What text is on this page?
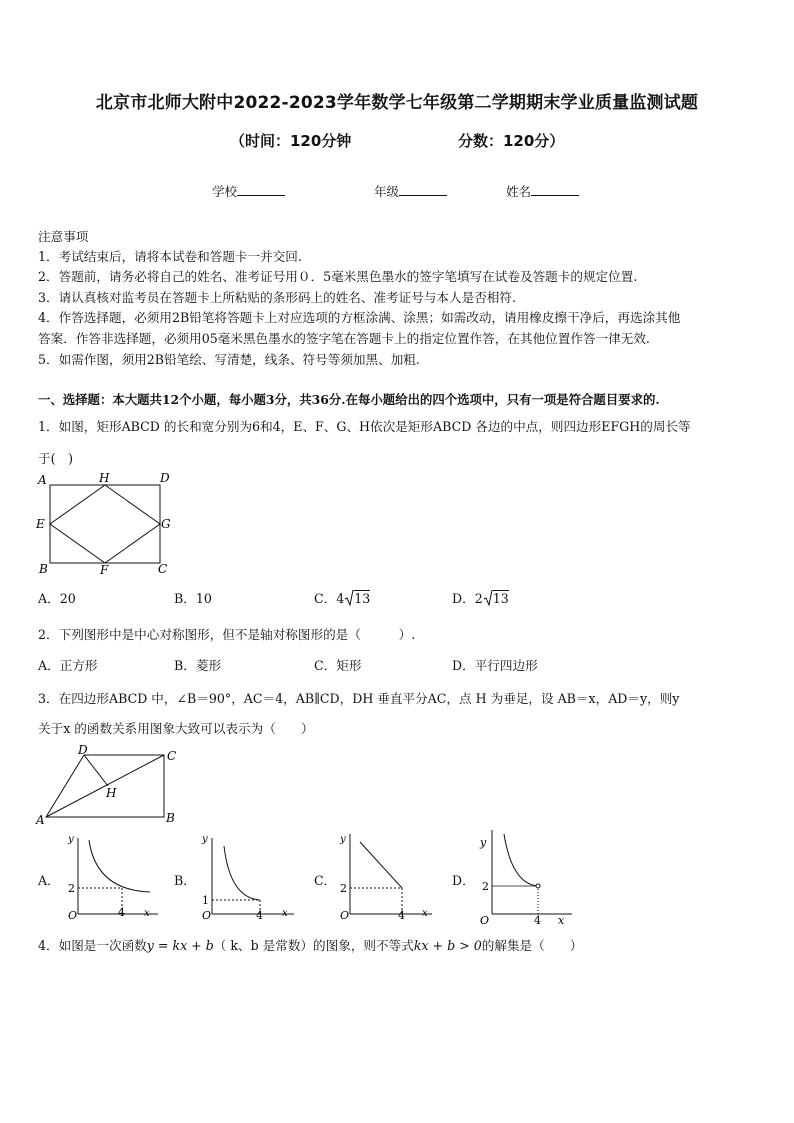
北京市北师大附中2022-2023学年数学七年级第二学期期末学业质量监测试题
（时间：120分钟	分数：120分）
学校	年级	姓名
注意事项
1．考试结束后，请将本试卷和答题卡一并交回.
2．答题前，请务必将自己的姓名、准考证号用０．5毫米黑色墨水的签字笔填写在试卷及答题卡的规定位置.
3．请认真核对监考员在答题卡上所粘贴的条形码上的姓名、准考证号与本人是否相符.
4．作答选择题，必须用2B铅笔将答题卡上对应选项的方框涂满、涂黑；如需改动，请用橡皮擦干净后，再选涂其他
答案．作答非选择题，必须用05毫米黑色墨水的签字笔在答题卡上的指定位置作答，在其他位置作答一律无效.
5．如需作图，须用2B铅笔绘、写清楚，线条、符号等须加黑、加粗.
一、选择题：本大题共12个小题，每小题3分，共36分.在每小题给出的四个选项中，只有一项是符合题目要求的.
1．如图，矩形ABCD 的长和宽分别为6和4，E、F、G、H依次是矩形ABCD 各边的中点，则四边形EFGH的周长等
于(　)
A	H	D
E	G
B	F	C
A．20	B．10	C．4 13	D．2 13
2．下列图形中是中心对称图形，但不是轴对称图形的是（　　　）.
A．正方形	B．菱形	C．矩形	D．平行四边形
3．在四边形ABCD 中，∠B＝90°，AC＝4，AB∥CD，DH 垂直平分AC，点 H 为垂足，设 AB＝x，AD＝y，则y
关于x 的函数关系用图象大致可以表示为（　　）
D	C
H
A	B
A．
y
2
4 x
O
B．
y
1
4 x
O
C．
y
2
4 x
O
D．
y
2
4 x
O
4．如图是一次函数y = kx + b（ k、b 是常数）的图象，则不等式kx + b > 0的解集是（　　）
